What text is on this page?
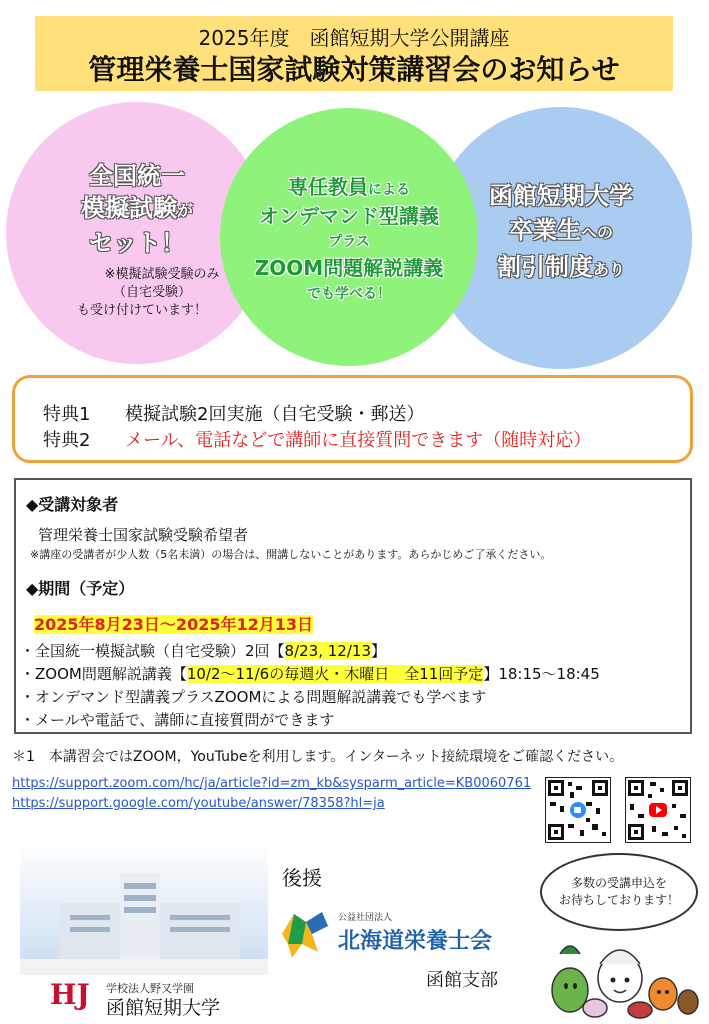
2025年度　函館短期大学公開講座
管理栄養士国家試験対策講習会のお知らせ
全国統一
模擬試験が
セット！
※模擬試験受験のみ
（自宅受験）
も受け付けています！
函館短期大学
卒業生への
割引制度あり
専任教員による
オンデマンド型講義
プラス
ZOOM問題解説講義
でも学べる！
特典1 模擬試験2回実施（自宅受験・郵送）
特典2 メール、電話などで講師に直接質問できます（随時対応）
◆受講対象者
管理栄養士国家試験受験希望者
※講座の受講者が少人数（5名未満）の場合は、開講しないことがあります。あらかじめご了承ください。
◆期間（予定）
2025年8月23日～2025年12月13日
・全国統一模擬試験（自宅受験）2回【8/23, 12/13】
・ZOOM問題解説講義【10/2～11/6の毎週火・木曜日　全11回予定】18:15～18:45
・オンデマンド型講義プラスZOOMによる問題解説講義でも学べます
・メールや電話で、講師に直接質問ができます
＊1　本講習会ではZOOM，YouTubeを利用します。インターネット接続環境をご確認ください。
https://support.zoom.com/hc/ja/article?id=zm_kb&sysparm_article=KB0060761
https://support.google.com/youtube/answer/78358?hl=ja
HJ 学校法人野又学園
函館短期大学
後援
公益社団法人
北海道栄養士会
函館支部
多数の受講申込を
お待ちしております！
